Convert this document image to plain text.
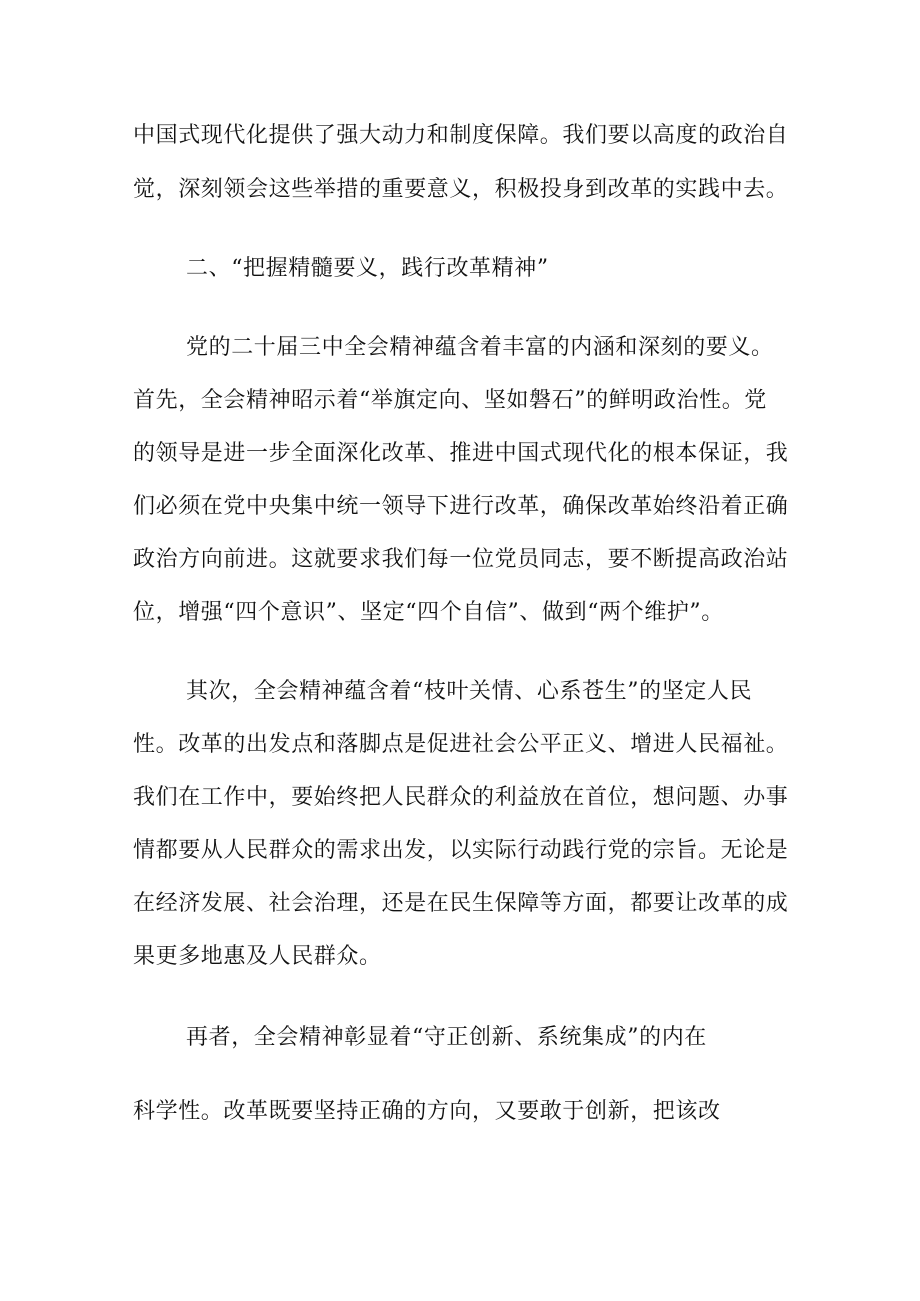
中国式现代化提供了强大动力和制度保障。我们要以高度的政治自
觉，深刻领会这些举措的重要意义，积极投身到改革的实践中去。
二、“把握精髓要义，践行改革精神”
党的二十届三中全会精神蕴含着丰富的内涵和深刻的要义。
首先，全会精神昭示着“举旗定向、坚如磐石”的鲜明政治性。党
的领导是进一步全面深化改革、推进中国式现代化的根本保证，我
们必须在党中央集中统一领导下进行改革，确保改革始终沿着正确
政治方向前进。这就要求我们每一位党员同志，要不断提高政治站
位，增强“四个意识”、坚定“四个自信”、做到“两个维护”。
其次，全会精神蕴含着“枝叶关情、心系苍生”的坚定人民
性。改革的出发点和落脚点是促进社会公平正义、增进人民福祉。
我们在工作中，要始终把人民群众的利益放在首位，想问题、办事
情都要从人民群众的需求出发，以实际行动践行党的宗旨。无论是
在经济发展、社会治理，还是在民生保障等方面，都要让改革的成
果更多地惠及人民群众。
再者，全会精神彰显着“守正创新、系统集成”的内在
科学性。改革既要坚持正确的方向，又要敢于创新，把该改
